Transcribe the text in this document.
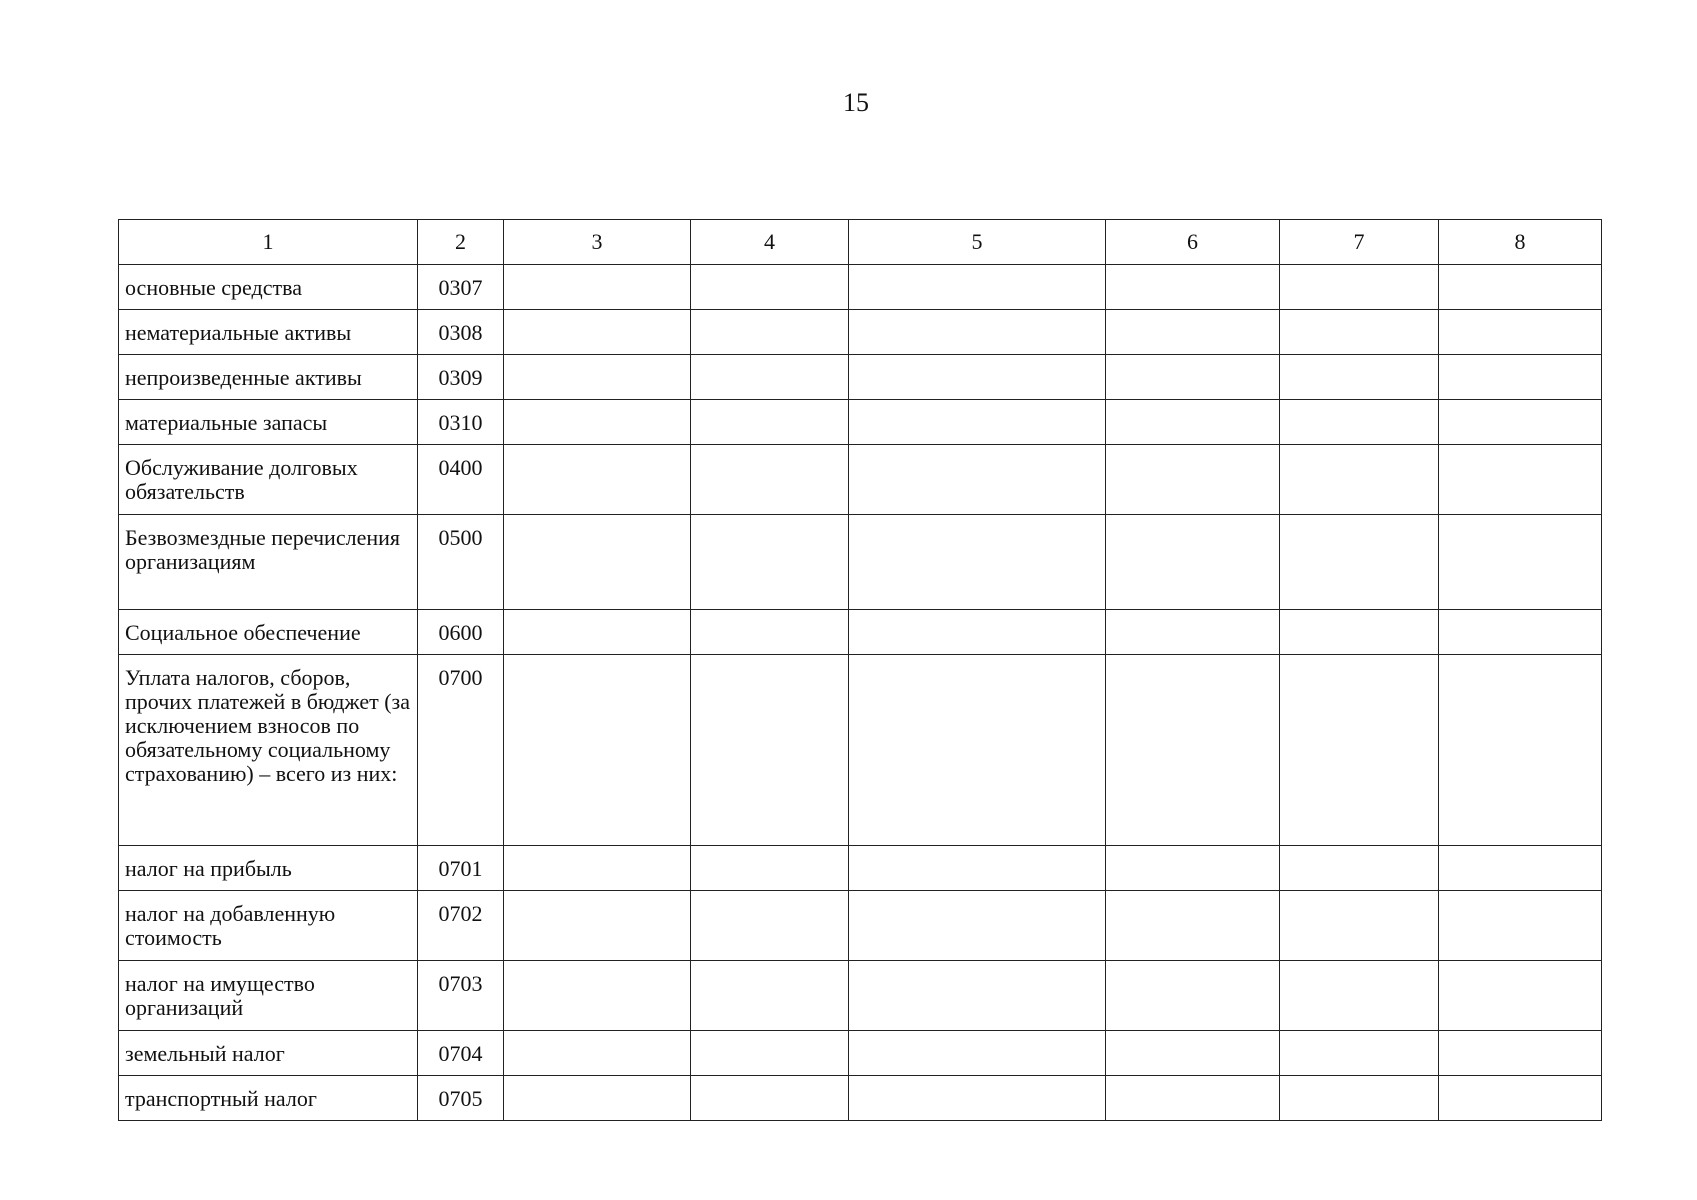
15
1	2	3	4	5	6	7	8
основные средства	0307						
нематериальные активы	0308						
непроизведенные активы	0309						
материальные запасы	0310						
Обслуживание долговых обязательств	0400						
Безвозмездные перечисления организациям	0500						
Социальное обеспечение	0600						
Уплата налогов, сборов, прочих платежей в бюджет (за исключением взносов по обязательному социальному страхованию) – всего из них:	0700						
налог на прибыль	0701						
налог на добавленную стоимость	0702						
налог на имущество организаций	0703						
земельный налог	0704						
транспортный налог	0705						
